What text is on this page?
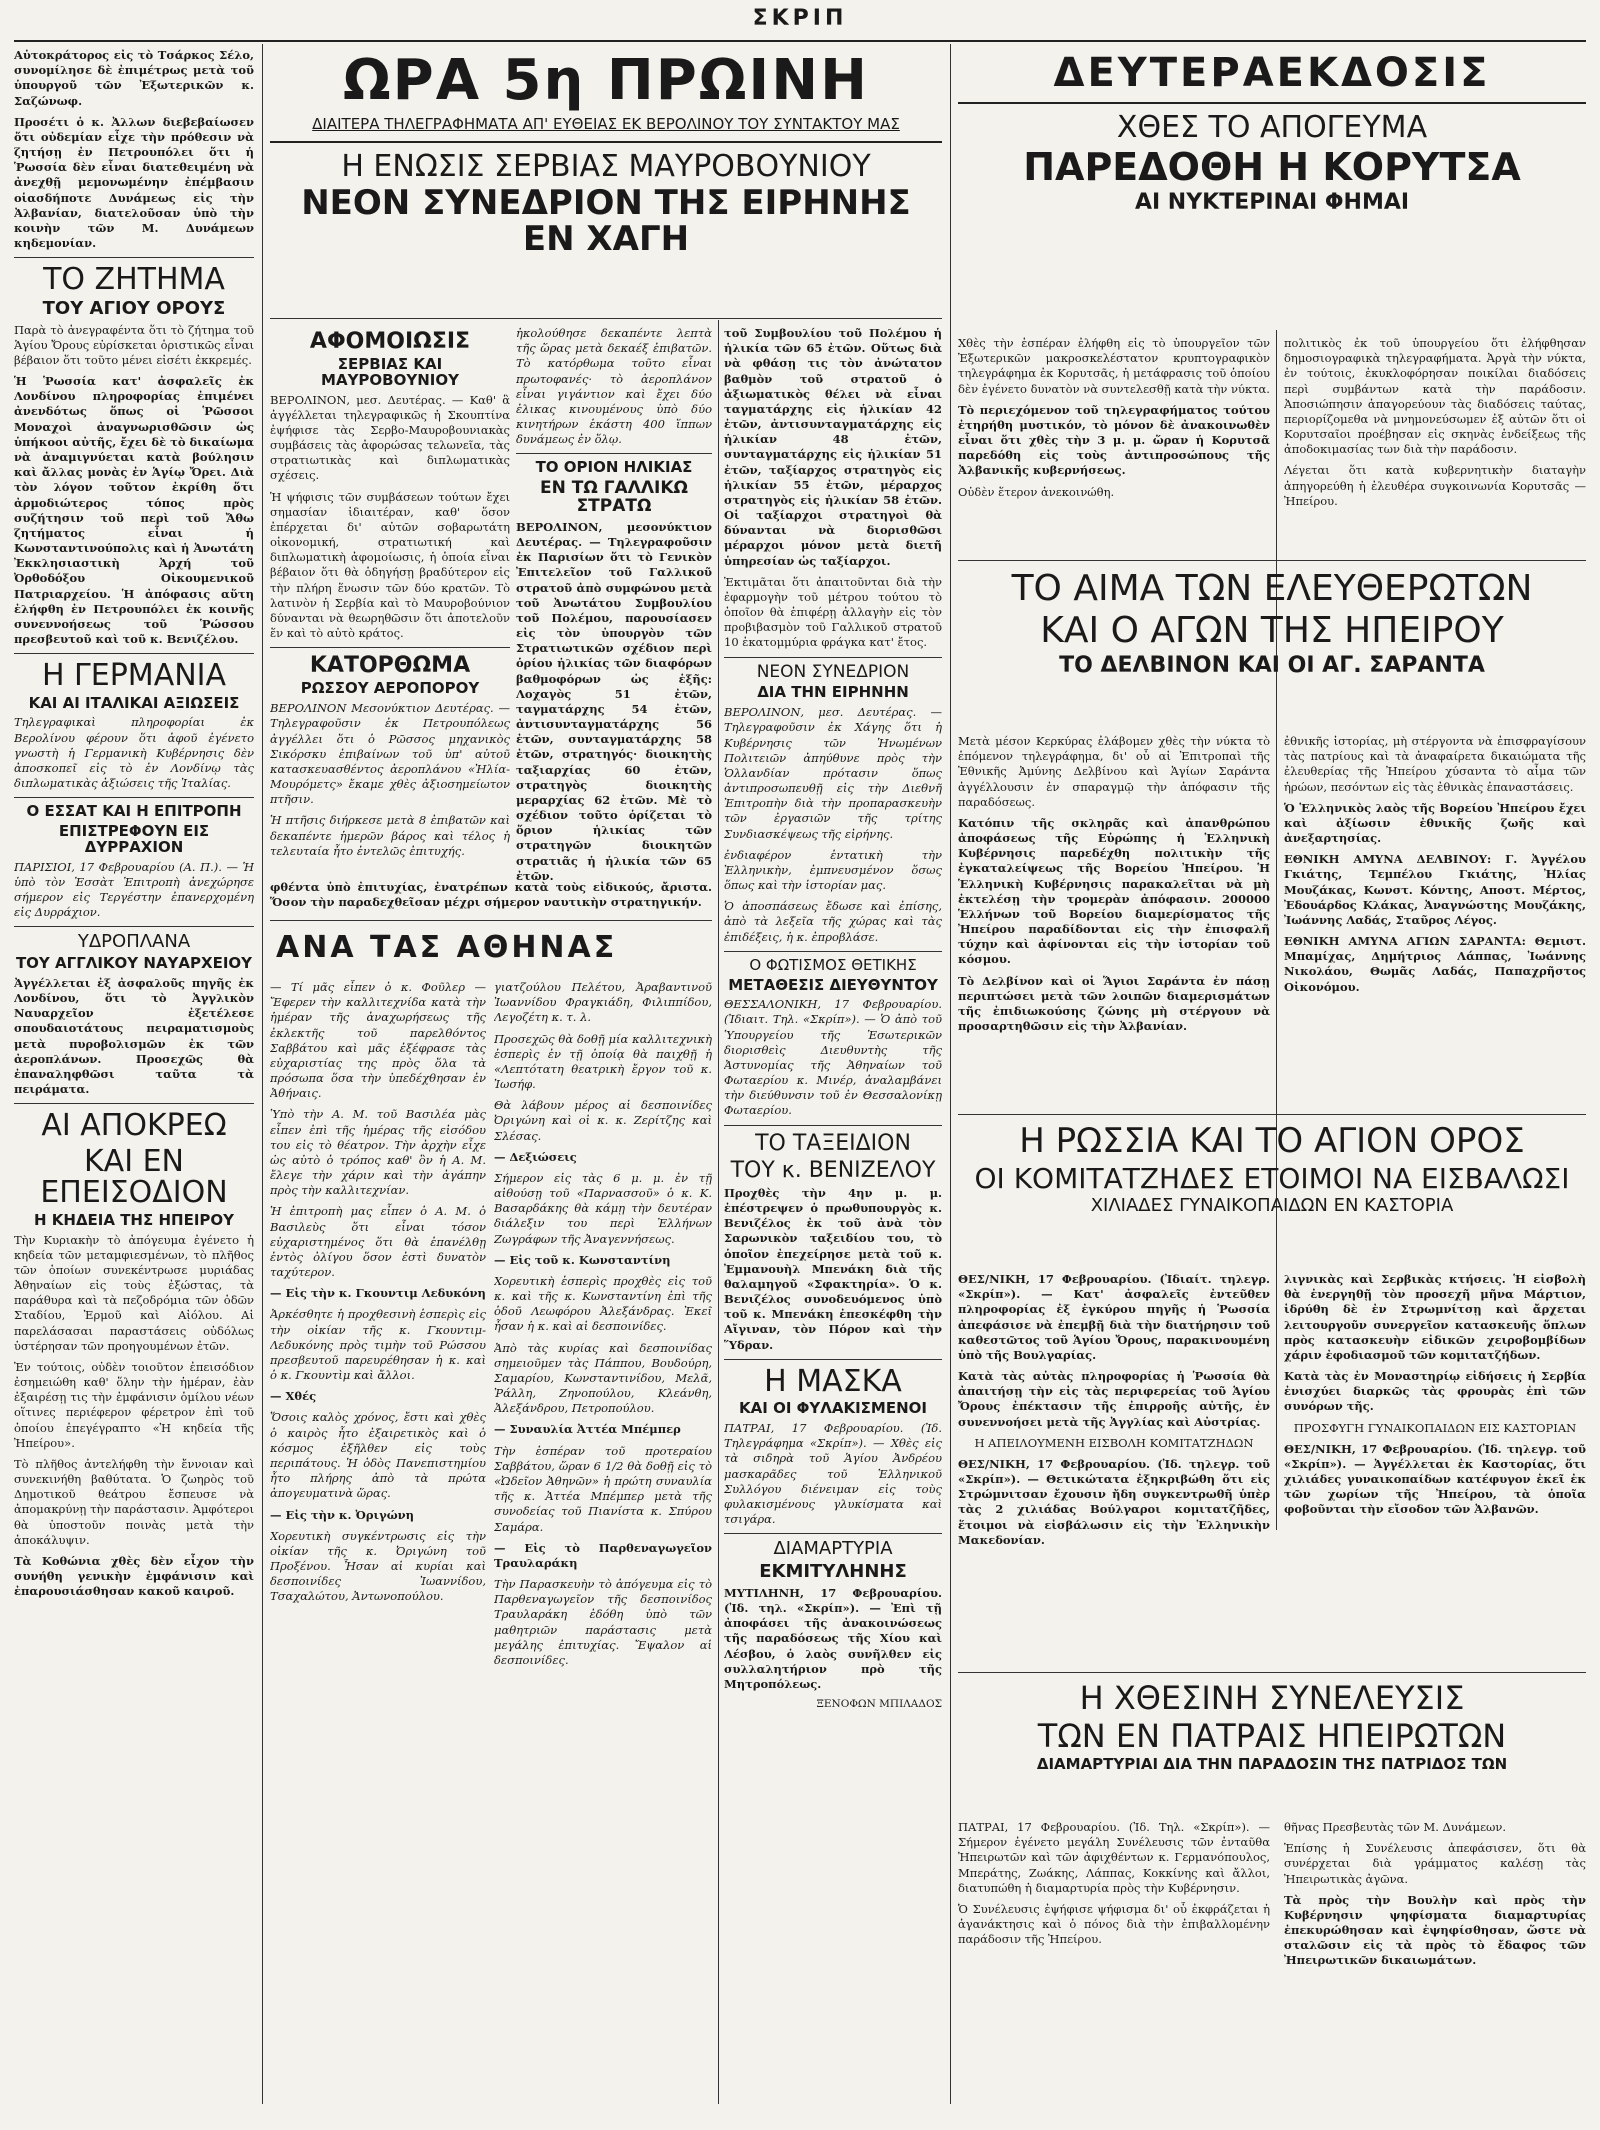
ΣΚΡΙΠ

Αὐτοκράτορος εἰς τὸ Τσάρκος Σέλο, συνομίλησε δὲ ἐπιμέτρως μετὰ τοῦ ὑπουργοῦ τῶν Ἐξωτερικῶν κ. Σαζώνωφ.

Προσέτι ὁ κ. Ἀλλων διεβεβαίωσεν ὅτι οὐδεμίαν εἶχε τὴν πρόθεσιν νὰ ζητήσῃ ἐν Πετρουπόλει ὅτι ἡ Ῥωσσία δὲν εἶναι διατεθειμένη νὰ ἀνεχθῇ μεμονωμένην ἐπέμβασιν οἱασδήποτε Δυνάμεως εἰς τὴν Ἀλβανίαν, διατελοῦσαν ὑπὸ τὴν κοινὴν τῶν Μ. Δυνάμεων κηδεμονίαν.

ΤΟ ΖΗΤΗΜΑ
ΤΟΥ ΑΓΙΟΥ ΟΡΟΥΣ

Παρὰ τὸ ἀνεγραφέντα ὅτι τὸ ζήτημα τοῦ Ἁγίου Ὄρους εὑρίσκεται ὁριστικῶς εἶναι βέβαιον ὅτι τοῦτο μένει εἰσέτι ἐκκρεμές.

Ἡ Ῥωσσία κατ' ἀσφαλεῖς ἐκ Λονδίνου πληροφορίας ἐπιμένει ἀνενδότως ὅπως οἱ Ῥῶσσοι Μοναχοὶ ἀναγνωρισθῶσιν ὡς ὑπήκοοι αὐτῆς, ἔχει δὲ τὸ δικαίωμα νὰ ἀναμιγνύεται κατὰ βούλησιν καὶ ἄλλας μονὰς ἐν Ἁγίῳ Ὄρει. Διὰ τὸν λόγον τοῦτον ἐκρίθη ὅτι ἀρμοδιώτερος τόπος πρὸς συζήτησιν τοῦ περὶ τοῦ Ἄθω ζητήματος εἶναι ἡ Κωνσταντινούπολις καὶ ἡ Ἀνωτάτη Ἐκκλησιαστικὴ Ἀρχή τοῦ Ὀρθοδόξου Οἰκουμενικοῦ Πατριαρχείου. Ἡ ἀπόφασις αὕτη ἐλήφθη ἐν Πετρουπόλει ἐκ κοινῆς συνεννοήσεως τοῦ Ῥώσσου πρεσβευτοῦ καὶ τοῦ κ. Βενιζέλου.

Η ΓΕΡΜΑΝΙΑ
ΚΑΙ ΑΙ ΙΤΑΛΙΚΑΙ ΑΞΙΩΣΕΙΣ

Τηλεγραφικαὶ πληροφορίαι ἐκ Βερολίνου φέρουν ὅτι ἀφοῦ ἐγένετο γνωστὴ ἡ Γερμανικὴ Κυβέρνησις δὲν ἀποσκοπεῖ εἰς τὸ ἐν Λονδίνῳ τὰς διπλωματικὰς ἀξιώσεις τῆς Ἰταλίας.

Ο ΕΣΣΑΤ ΚΑΙ Η ΕΠΙΤΡΟΠΗ
ΕΠΙΣΤΡΕΦΟΥΝ ΕΙΣ ΔΥΡΡΑΧΙΟΝ

ΠΑΡΙΣΙΟΙ, 17 Φεβρουαρίου (Α. Π.). — Ἡ ὑπὸ τὸν Ἐσσὰτ Ἐπιτροπὴ ἀνεχώρησε σήμερον εἰς Τεργέστην ἐπανερχομένη εἰς Δυρράχιον.

ΥΔΡΟΠΛΑΝΑ
ΤΟΥ ΑΓΓΛΙΚΟΥ ΝΑΥΑΡΧΕΙΟΥ

Ἀγγέλλεται ἐξ ἀσφαλοῦς πηγῆς ἐκ Λονδίνου, ὅτι τὸ Ἀγγλικὸν Ναυαρχεῖον ἐξετέλεσε σπουδαιοτάτους πειραματισμοὺς μετὰ πυροβολισμῶν ἐκ τῶν ἀεροπλάνων. Προσεχῶς θὰ ἐπαναληφθῶσι ταῦτα τὰ πειράματα.

ΑΙ ΑΠΟΚΡΕΩ
ΚΑΙ ΕΝ ΕΠΕΙΣΟΔΙΟΝ
Η ΚΗΔΕΙΑ ΤΗΣ ΗΠΕΙΡΟΥ

Τὴν Κυριακὴν τὸ ἀπόγευμα ἐγένετο ἡ κηδεία τῶν μεταμφιεσμένων, τὸ πλῆθος τῶν ὁποίων συνεκέντρωσε μυριάδας Ἀθηναίων εἰς τοὺς ἐξώστας, τὰ παράθυρα καὶ τὰ πεζοδρόμια τῶν ὁδῶν Σταδίου, Ἑρμοῦ καὶ Αἰόλου. Αἱ παρελάσασαι παραστάσεις οὐδόλως ὑστέρησαν τῶν προηγουμένων ἐτῶν.

Ἐν τούτοις, οὐδὲν τοιοῦτον ἐπεισόδιον ἐσημειώθη καθ' ὅλην τὴν ἡμέραν, ἐὰν ἐξαιρέσῃ τις τὴν ἐμφάνισιν ὁμίλου νέων οἵτινες περιέφερον φέρετρον ἐπὶ τοῦ ὁποίου ἐπεγέγραπτο «Ἡ κηδεία τῆς Ἠπείρου».

Τὸ πλῆθος ἀντελήφθη τὴν ἔννοιαν καὶ συνεκινήθη βαθύτατα. Ὁ ζωηρὸς τοῦ Δημοτικοῦ θεάτρου ἔσπευσε νὰ ἀπομακρύνῃ τὴν παράστασιν. Ἀμφότεροι θὰ ὑποστοῦν ποινὰς μετὰ τὴν ἀποκάλυψιν.

Τὰ Κοθώνια χθὲς δὲν εἶχον τὴν συνήθη γενικὴν ἐμφάνισιν καὶ ἐπαρουσιάσθησαν κακοῦ καιροῦ.

ΩΡΑ 5η ΠΡΩΙΝΗ
ΔΙΑΙΤΕΡΑ ΤΗΛΕΓΡΑΦΗΜΑΤΑ ΑΠ' ΕΥΘΕΙΑΣ ΕΚ ΒΕΡΟΛΙΝΟΥ ΤΟΥ ΣΥΝΤΑΚΤΟΥ ΜΑΣ
Η ΕΝΩΣΙΣ ΣΕΡΒΙΑΣ ΜΑΥΡΟΒΟΥΝΙΟΥ
ΝΕΟΝ ΣΥΝΕΔΡΙΟΝ ΤΗΣ ΕΙΡΗΝΗΣ ΕΝ ΧΑΓΗ
ΑΦΟΜΟΙΩΣΙΣ
ΣΕΡΒΙΑΣ ΚΑΙ ΜΑΥΡΟΒΟΥΝΙΟΥ

ΒΕΡΟΛΙΝΟΝ, μεσ. Δευτέρας. — Καθ' ἃ ἀγγέλλεται τηλεγραφικῶς ἡ Σκουπτίνα ἐψήφισε τὰς Σερβο-Μαυροβουνιακὰς συμβάσεις τὰς ἀφορώσας τελωνεῖα, τὰς στρατιωτικὰς καὶ διπλωματικὰς σχέσεις.

Ἡ ψήφισις τῶν συμβάσεων τούτων ἔχει σημασίαν ἰδιαιτέραν, καθ' ὅσον ἐπέρχεται δι' αὐτῶν σοβαρωτάτη οἰκονομική, στρατιωτική καὶ διπλωματικὴ ἀφομοίωσις, ἡ ὁποία εἶναι βέβαιον ὅτι θὰ ὁδηγήσῃ βραδύτερον εἰς τὴν πλήρη ἕνωσιν τῶν δύο κρατῶν. Τὸ λατινὸν ἡ Σερβία καὶ τὸ Μαυροβούνιον δύνανται νὰ θεωρηθῶσιν ὅτι ἀποτελοῦν ἕν καὶ τὸ αὐτὸ κράτος.

ΚΑΤΟΡΘΩΜΑ
ΡΩΣΣΟΥ ΑΕΡΟΠΟΡΟΥ

ΒΕΡΟΛΙΝΟΝ Μεσονύκτιον Δευτέρας. — Τηλεγραφοῦσιν ἐκ Πετρουπόλεως ἀγγέλλει ὅτι ὁ Ρῶσσος μηχανικὸς Σικόρσκυ ἐπιβαίνων τοῦ ὑπ' αὐτοῦ κατασκευασθέντος ἀεροπλάνου «Ἠλία-Μουρόμετς» ἔκαμε χθὲς ἀξιοσημείωτον πτῆσιν.

Ἡ πτῆσις διήρκεσε μετὰ 8 ἐπιβατῶν καὶ δεκαπέντε ἡμερῶν βάρος καὶ τέλος ἡ τελευταία ἦτο ἐντελῶς ἐπιτυχής.

ἠκολούθησε δεκαπέντε λεπτὰ τῆς ὥρας μετὰ δεκαέξ ἐπιβατῶν. Τὸ κατόρθωμα τοῦτο εἶναι πρωτοφανές· τὸ ἀεροπλάνον εἶναι γιγάντιον καὶ ἔχει δύο ἐλικας κινουμένους ὑπὸ δύο κινητήρων ἑκάστη 400 ἵππων δυνάμεως ἐν ὅλῳ.

ΤΟ ΟΡΙΟΝ ΗΛΙΚΙΑΣ
ΕΝ ΤΩ ΓΑΛΛΙΚΩ ΣΤΡΑΤΩ

ΒΕΡΟΛΙΝΟΝ, μεσονύκτιον Δευτέρας. — Τηλεγραφοῦσιν ἐκ Παρισίων ὅτι τὸ Γενικὸν Ἐπιτελεῖον τοῦ Γαλλικοῦ στρατοῦ ἀπὸ συμφώνου μετὰ τοῦ Ἀνωτάτου Συμβουλίου τοῦ Πολέμου, παρουσίασεν εἰς τὸν ὑπουργὸν τῶν Στρατιωτικῶν σχέδιον περὶ ὁρίου ἡλικίας τῶν διαφόρων βαθμοφόρων ὡς ἑξῆς: Λοχαγὸς 51 ἐτῶν, ταγματάρχης 54 ἐτῶν, ἀντισυνταγματάρχης 56 ἐτῶν, συνταγματάρχης 58 ἐτῶν, στρατηγός· διοικητὴς ταξιαρχίας 60 ἐτῶν, στρατηγὸς διοικητὴς μεραρχίας 62 ἐτῶν. Μὲ τὸ σχέδιον τοῦτο ὁρίζεται τὸ ὅριον ἡλικίας τῶν στρατηγῶν διοικητῶν στρατιᾶς ἡ ἡλικία τῶν 65 ἐτῶν.

φθέντα ὑπὸ ἐπιτυχίας, ἐνατρέπων κατὰ τοὺς εἰδικούς, ἄριστα. Ὅσον τὴν παραδεχθεῖσαν μέχρι σήμερον ναυτικὴν στρατηγικήν.

ΑΝΑ ΤΑΣ ΑΘΗΝΑΣ

— Τί μᾶς εἶπεν ὁ κ. Φοῦλερ — Ἔφερεν τὴν καλλιτεχνίδα κατὰ τὴν ἡμέραν τῆς ἀναχωρήσεως τῆς ἐκλεκτῆς τοῦ παρελθόντος Σαββάτου καὶ μᾶς ἐξέφρασε τὰς εὐχαριστίας της πρὸς ὅλα τὰ πρόσωπα ὅσα τὴν ὑπεδέχθησαν ἐν Ἀθήναις.

Ὑπὸ τὴν Α. Μ. τοῦ Βασιλέα μὰς εἶπεν ἐπὶ τῆς ἡμέρας τῆς εἰσόδου του εἰς τὸ θέατρον. Τὴν ἀρχὴν εἶχε ὡς αὐτὸ ὁ τρόπος καθ' ὃν ἡ Α. Μ. ἔλεγε τὴν χάριν καὶ τὴν ἀγάπην πρὸς τὴν καλλιτεχνίαν.

Ἡ ἐπιτροπὴ μας εἶπεν ὁ Α. Μ. ὁ Βασιλεὺς ὅτι εἶναι τόσον εὐχαριστημένος ὅτι θὰ ἐπανέλθῃ ἐντὸς ὀλίγου ὅσον ἐστὶ δυνατὸν ταχύτερον.

— Εἰς τὴν κ. Γκουντιμ Λεδυκόνη

Ἀρκέσθητε ἡ προχθεσινὴ ἑσπερὶς εἰς τὴν οἰκίαν τῆς κ. Γκουντιμ-Λεδυκόνης πρὸς τιμὴν τοῦ Ρώσσου πρεσβευτοῦ παρευρέθησαν ἡ κ. καὶ ὁ κ. Γκουντὶμ καὶ ἄλλοι.

— Χθές

Ὅσοις καλὸς χρόνος, ἔστι καὶ χθὲς ὁ καιρὸς ἦτο ἐξαιρετικὸς καὶ ὁ κόσμος ἐξῆλθεν εἰς τοὺς περιπάτους. Ἡ ὁδὸς Πανεπιστημίου ἦτο πλήρης ἀπὸ τὰ πρώτα ἀπογευματινὰ ὥρας.

— Εἰς τὴν κ. Ὀριγώνη

Χορευτικὴ συγκέντρωσις εἰς τὴν οἰκίαν τῆς κ. Ὀριγώνη τοῦ Προξένου. Ἦσαν αἱ κυρίαι καὶ δεσποινίδες Ἰωαννίδου, Τσαχαλώτου, Ἀντωνοπούλου.

γιατζούλου Πελέτου, Ἀραβαντινοῦ Ἰωαννίδου Φραγκιάδη, Φιλιππίδου, Λεγοζέτη κ. τ. λ.

Προσεχῶς θὰ δοθῇ μία καλλιτεχνικὴ ἑσπερὶς ἐν τῇ ὁποίᾳ θὰ παιχθῇ ἡ «Λεπτότατη θεατρικὴ ἔργον τοῦ κ. Ἰωσήφ.

Θὰ λάβουν μέρος αἱ δεσποινίδες Ὀριγώνη καὶ οἱ κ. κ. Ζερίτζης καὶ Σλέσας.

— Δεξιώσεις

Σήμερον εἰς τὰς 6 μ. μ. ἐν τῇ αἰθούσῃ τοῦ «Παρνασσοῦ» ὁ κ. Κ. Βασαρδάκης θὰ κάμῃ τὴν δευτέραν διάλεξιν του περὶ Ἐλλήνων Ζωγράφων τῆς Ἀναγεννήσεως.

— Εἰς τοῦ κ. Κωνσταντίνη

Χορευτικὴ ἑσπερὶς προχθὲς εἰς τοῦ κ. καὶ τῆς κ. Κωνσταντίνη ἐπὶ τῆς ὁδοῦ Λεωφόρου Ἀλεξάνδρας. Ἐκεῖ ἦσαν ἡ κ. καὶ αἱ δεσποινίδες.

Ἀπὸ τὰς κυρίας καὶ δεσποινίδας σημειοῦμεν τὰς Πάππου, Βουδούρη, Σαμαρίου, Κωνσταντινίδου, Μελᾶ, Ῥάλλη, Ζηνοπούλου, Κλεάνθη, Ἀλεξάνδρου, Πετροπούλου.

— Συναυλία Ἀττέα Μπέμπερ

Τὴν ἑσπέραν τοῦ προτεραίου Σαββάτου, ὥραν 6 1/2 θὰ δοθῇ εἰς τὸ «Ὠδεῖον Ἀθηνῶν» ἡ πρώτη συναυλία τῆς κ. Ἀττέα Μπέμπερ μετὰ τῆς συνοδείας τοῦ Πιανίστα κ. Σπύρου Σαμάρα.

— Εἰς τὸ Παρθεναγωγεῖον Τραυλαράκη

Τὴν Παρασκευὴν τὸ ἀπόγευμα εἰς τὸ Παρθεναγωγεῖον τῆς δεσποινίδος Τραυλαράκη ἐδόθη ὑπὸ τῶν μαθητριῶν παράστασις μετὰ μεγάλης ἐπιτυχίας. Ἔψαλον αἱ δεσποινίδες.

τοῦ Συμβουλίου τοῦ Πολέμου ἡ ἡλικία τῶν 65 ἐτῶν. Οὕτως διὰ νὰ φθάσῃ τις τὸν ἀνώτατον βαθμὸν τοῦ στρατοῦ ὁ ἀξιωματικὸς θέλει νὰ εἶναι ταγματάρχης εἰς ἡλικίαν 42 ἐτῶν, ἀντισυνταγματάρχης εἰς ἡλικίαν 48 ἐτῶν, συνταγματάρχης εἰς ἡλικίαν 51 ἐτῶν, ταξίαρχος στρατηγὸς εἰς ἡλικίαν 55 ἐτῶν, μέραρχος στρατηγὸς εἰς ἡλικίαν 58 ἐτῶν. Οἱ ταξίαρχοι στρατηγοὶ θὰ δύνανται νὰ διορισθῶσι μέραρχοι μόνον μετὰ διετῆ ὑπηρεσίαν ὡς ταξίαρχοι.

Ἐκτιμᾶται ὅτι ἀπαιτοῦνται διὰ τὴν ἐφαρμογὴν τοῦ μέτρου τούτου τὸ ὁποῖον θὰ ἐπιφέρῃ ἀλλαγὴν εἰς τὸν προβιβασμὸν τοῦ Γαλλικοῦ στρατοῦ 10 ἑκατομμύρια φράγκα κατ' ἔτος.

ΝΕΟΝ ΣΥΝΕΔΡΙΟΝ
ΔΙΑ ΤΗΝ ΕΙΡΗΝΗΝ

ΒΕΡΟΛΙΝΟΝ, μεσ. Δευτέρας. — Τηλεγραφοῦσιν ἐκ Χάγης ὅτι ἡ Κυβέρνησις τῶν Ἡνωμένων Πολιτειῶν ἀπηύθυνε πρὸς τὴν Ὁλλανδίαν πρότασιν ὅπως ἀντιπροσωπευθῇ εἰς τὴν Διεθνῆ Ἐπιτροπὴν διὰ τὴν προπαρασκευὴν τῶν ἐργασιῶν τῆς τρίτης Συνδιασκέψεως τῆς εἰρήνης.

ἐνδιαφέρον ἐντατικὴ τὴν Ἑλληνικὴν, ἐμπνευσμένον ὅσως ὅπως καὶ τὴν ἱστορίαν μας.

Ὁ ἀποσπάσεως ἔδωσε καὶ ἐπίσης, ἀπὸ τὰ λεξεῖα τῆς χώρας καὶ τὰς ἐπιδέξεις, ἡ κ. ἐπροβλάσε.

Ο ΦΩΤΙΣΜΟΣ ΘΕΤΙΚΗΣ
ΜΕΤΑΘΕΣΙΣ ΔΙΕΥΘΥΝΤΟΥ

ΘΕΣΣΑΛΟΝΙΚΗ, 17 Φεβρουαρίου. (Ἰδιαιτ. Τηλ. «Σκρίπ»). — Ὁ ἀπὸ τοῦ Ὑπουργείου τῆς Ἐσωτερικῶν διορισθεὶς Διευθυντὴς τῆς Ἀστυνομίας τῆς Ἀθηναίων τοῦ Φωταερίου κ. Μινέρ, ἀναλαμβάνει τὴν διεύθυνσιν τοῦ ἐν Θεσσαλονίκῃ Φωταερίου.

ΤΟ ΤΑΞΕΙΔΙΟΝ
ΤΟΥ κ. ΒΕΝΙΖΕΛΟΥ

Προχθὲς τὴν 4ην μ. μ. ἐπέστρεψεν ὁ πρωθυπουργὸς κ. Βενιζέλος ἐκ τοῦ ἀνὰ τὸν Σαρωνικὸν ταξειδίου του, τὸ ὁποῖον ἐπεχείρησε μετὰ τοῦ κ. Ἐμμανουὴλ Μπενάκη διὰ τῆς θαλαμηγοῦ «Σφακτηρία». Ὁ κ. Βενιζέλος συνοδευόμενος ὑπὸ τοῦ κ. Μπενάκη ἐπεσκέφθη τὴν Αἴγιναν, τὸν Πόρον καὶ τὴν Ὕδραν.

Η ΜΑΣΚΑ
ΚΑΙ ΟΙ ΦΥΛΑΚΙΣΜΕΝΟΙ

ΠΑΤΡΑΙ, 17 Φεβρουαρίου. (Ἰδ. Τηλεγράφημα «Σκρίπ»). — Χθὲς εἰς τὰ σιδηρὰ τοῦ Ἁγίου Ἀνδρέου μασκαρᾶδες τοῦ Ἑλληνικοῦ Συλλόγου διένειμαν εἰς τοὺς φυλακισμένους γλυκίσματα καὶ τσιγάρα.

ΔΙΑΜΑΡΤΥΡΙΑ
ΕΚΜΙΤΥΛΗΝΗΣ

ΜΥΤΙΛΗΝΗ, 17 Φεβρουαρίου. (Ἰδ. τηλ. «Σκρίπ»). — Ἐπὶ τῇ ἀποφάσει τῆς ἀνακοινώσεως τῆς παραδόσεως τῆς Χίου καὶ Λέσβου, ὁ λαὸς συνῆλθεν εἰς συλλαλητήριον πρὸ τῆς Μητροπόλεως.

ΞΕΝΟΦΩΝ ΜΠΙΛΑΔΟΣ

ΔΕΥΤΕΡΑΕΚΔΟΣΙΣ
ΧΘΕΣ ΤΟ ΑΠΟΓΕΥΜΑ
ΠΑΡΕΔΟΘΗ Η ΚΟΡΥΤΣΑ
ΑΙ ΝΥΚΤΕΡΙΝΑΙ ΦΗΜΑΙ

Χθὲς τὴν ἑσπέραν ἐλήφθη εἰς τὸ ὑπουργεῖον τῶν Ἐξωτερικῶν μακροσκελέστατον κρυπτογραφικὸν τηλεγράφημα ἐκ Κορυτσᾶς, ἡ μετάφρασις τοῦ ὁποίου δὲν ἐγένετο δυνατὸν νὰ συντελεσθῇ κατὰ τὴν νύκτα.

Τὸ περιεχόμενον τοῦ τηλεγραφήματος τούτου ἐτηρήθη μυστικόν, τὸ μόνον δὲ ἀνακοινωθὲν εἶναι ὅτι χθὲς τὴν 3 μ. μ. ὥραν ἡ Κορυτσᾶ παρεδόθη εἰς τοὺς ἀντιπροσώπους τῆς Ἀλβανικῆς κυβερνήσεως.

Οὐδὲν ἕτερον ἀνεκοινώθη.

πολιτικὸς ἐκ τοῦ ὑπουργείου ὅτι ἐλήφθησαν δημοσιογραφικὰ τηλεγραφήματα. Ἀργὰ τὴν νύκτα, ἐν τούτοις, ἐκυκλοφόρησαν ποικίλαι διαδόσεις περὶ συμβάντων κατὰ τὴν παράδοσιν. Ἀποσιώπησιν ἀπαγορεύουν τὰς διαδόσεις ταύτας, περιορίζομεθα νὰ μνημονεύσωμεν ἐξ αὐτῶν ὅτι οἱ Κορυτσαῖοι προέβησαν εἰς σκηνὰς ἐνδείξεως τῆς ἀποδοκιμασίας των διὰ τὴν παράδοσιν.

Λέγεται ὅτι κατὰ κυβερνητικὴν διαταγὴν ἀπηγορεύθη ἡ ἐλευθέρα συγκοινωνία Κορυτσᾶς — Ἠπείρου.

ΤΟ ΑΙΜΑ ΤΩΝ ΕΛΕΥΘΕΡΩΤΩΝ
ΚΑΙ Ο ΑΓΩΝ ΤΗΣ ΗΠΕΙΡΟΥ
ΤΟ ΔΕΛΒΙΝΟΝ ΚΑΙ ΟΙ ΑΓ. ΣΑΡΑΝΤΑ

Μετὰ μέσον Κερκύρας ἐλάβομεν χθὲς τὴν νύκτα τὸ ἑπόμενον τηλεγράφημα, δι' οὗ αἱ Ἐπιτροπαὶ τῆς Ἐθνικῆς Ἀμύνης Δελβίνου καὶ Ἁγίων Σαράντα ἀγγέλλουσιν ἐν σπαραγμῷ τὴν ἀπόφασιν τῆς παραδόσεως.

Κατόπιν τῆς σκληρᾶς καὶ ἀπανθρώπου ἀποφάσεως τῆς Εὐρώπης ἡ Ἑλληνικὴ Κυβέρνησις παρεδέχθη πολιτικὴν τῆς ἐγκαταλείψεως τῆς Βορείου Ἠπείρου. Ἡ Ἑλληνικὴ Κυβέρνησις παρακαλεῖται νὰ μὴ ἐκτελέσῃ τὴν τρομερὰν ἀπόφασιν. 200000 Ἑλλήνων τοῦ Βορείου διαμερίσματος τῆς Ἠπείρου παραδίδονται εἰς τὴν ἐπισφαλῆ τύχην καὶ ἀφίνονται εἰς τὴν ἱστορίαν τοῦ κόσμου.

Τὸ Δελβίνον καὶ οἱ Ἅγιοι Σαράντα ἐν πάσῃ περιπτώσει μετὰ τῶν λοιπῶν διαμερισμάτων τῆς ἐπιδιωκούσης ζώνης μὴ στέργουν νὰ προσαρτηθῶσιν εἰς τὴν Ἀλβανίαν.

ἐθνικῆς ἱστορίας, μὴ στέργοντα νὰ ἐπισφραγίσουν τὰς πατρίους καὶ τὰ ἀναφαίρετα δικαιώματα τῆς ἐλευθερίας τῆς Ἠπείρου χύσαντα τὸ αἷμα τῶν ἡρώων, πεσόντων εἰς τὰς ἐθνικὰς ἐπαναστάσεις.

Ὁ Ἑλληνικὸς λαὸς τῆς Βορείου Ἠπείρου ἔχει καὶ ἀξίωσιν ἐθνικῆς ζωῆς καὶ ἀνεξαρτησίας.

ΕΘΝΙΚΗ ΑΜΥΝΑ ΔΕΛΒΙΝΟΥ: Γ. Ἀγγέλου Γκιάτης, Τεμπέλου Γκιάτης, Ἠλίας Μουζάκας, Κωνστ. Κόντης, Αποστ. Μέρτος, Ἐδουάρδος Κλάκας, Ἀναγνώστης Μουζάκης, Ἰωάννης Λαδάς, Σταῦρος Λέγος.

ΕΘΝΙΚΗ ΑΜΥΝΑ ΑΓΙΩΝ ΣΑΡΑΝΤΑ: Θεμιστ. Μπαμίχας, Δημήτριος Λάππας, Ἰωάννης Νικολάου, Θωμᾶς Λαδάς, Παπαχρῆστος Οἰκονόμου.

Η ΡΩΣΣΙΑ ΚΑΙ ΤΟ ΑΓΙΟΝ ΟΡΟΣ
ΟΙ ΚΟΜΙΤΑΤΖΗΔΕΣ ΕΤΟΙΜΟΙ ΝΑ ΕΙΣΒΑΛΩΣΙ
ΧΙΛΙΑΔΕΣ ΓΥΝΑΙΚΟΠΑΙΔΩΝ ΕΝ ΚΑΣΤΟΡΙΑ

ΘΕΣ/ΝΙΚΗ, 17 Φεβρουαρίου. (Ἰδιαίτ. τηλεγρ. «Σκρίπ»). — Κατ' ἀσφαλεῖς ἐντεῦθεν πληροφορίας ἐξ ἐγκύρου πηγῆς ἡ Ῥωσσία ἀπεφάσισε νὰ ἐπεμβῇ διὰ τὴν διατήρησιν τοῦ καθεστῶτος τοῦ Ἁγίου Ὄρους, παρακινουμένη ὑπὸ τῆς Βουλγαρίας.

Κατὰ τὰς αὐτὰς πληροφορίας ἡ Ῥωσσία θὰ ἀπαιτήσῃ τὴν εἰς τὰς περιφερείας τοῦ Ἁγίου Ὄρους ἐπέκτασιν τῆς ἐπιρροῆς αὐτῆς, ἐν συνεννοήσει μετὰ τῆς Ἀγγλίας καὶ Αὐστρίας.

Η ΑΠΕΙΛΟΥΜΕΝΗ ΕΙΣΒΟΛΗ ΚΟΜΙΤΑΤΖΗΔΩΝ

ΘΕΣ/ΝΙΚΗ, 17 Φεβρουαρίου. (Ἰδ. τηλεγρ. τοῦ «Σκρίπ»). — Θετικώτατα ἐξηκριβώθη ὅτι εἰς Στρώμνιτσαν ἔχουσιν ἤδη συγκεντρωθῆ ὑπὲρ τὰς 2 χιλιάδας Βούλγαροι κομιτατζῆδες, ἕτοιμοι νὰ εἰσβάλωσιν εἰς τὴν Ἑλληνικὴν Μακεδονίαν.

λιγνικὰς καὶ Σερβικὰς κτήσεις. Ἡ εἰσβολὴ θὰ ἐνεργηθῇ τὸν προσεχῆ μῆνα Μάρτιον, ἱδρύθη δὲ ἐν Στρωμνίτσῃ καὶ ἄρχεται λειτουργοῦν συνεργεῖον κατασκευῆς ὅπλων πρὸς κατασκευὴν εἰδικῶν χειροβομβίδων χάριν ἐφοδιασμοῦ τῶν κομιτατζήδων.

Κατὰ τὰς ἐν Μοναστηρίῳ εἰδήσεις ἡ Σερβία ἐνισχύει διαρκῶς τὰς φρουρὰς ἐπὶ τῶν συνόρων τῆς.

ΠΡΟΣΦΥΓΗ ΓΥΝΑΙΚΟΠΑΙΔΩΝ ΕΙΣ ΚΑΣΤΟΡΙΑΝ

ΘΕΣ/ΝΙΚΗ, 17 Φεβρουαρίου. (Ἰδ. τηλεγρ. τοῦ «Σκρίπ»). — Ἀγγέλλεται ἐκ Καστορίας, ὅτι χιλιάδες γυναικοπαίδων κατέφυγον ἐκεῖ ἐκ τῶν χωρίων τῆς Ἠπείρου, τὰ ὁποῖα φοβοῦνται τὴν εἴσοδον τῶν Ἀλβανῶν.

Η ΧΘΕΣΙΝΗ ΣΥΝΕΛΕΥΣΙΣ
ΤΩΝ ΕΝ ΠΑΤΡΑΙΣ ΗΠΕΙΡΩΤΩΝ
ΔΙΑΜΑΡΤΥΡΙΑΙ ΔΙΑ ΤΗΝ ΠΑΡΑΔΟΣΙΝ ΤΗΣ ΠΑΤΡΙΔΟΣ ΤΩΝ

ΠΑΤΡΑΙ, 17 Φεβρουαρίου. (Ἰδ. Τηλ. «Σκρίπ»). — Σήμερον ἐγένετο μεγάλη Συνέλευσις τῶν ἐνταῦθα Ἠπειρωτῶν καὶ τῶν ἀφιχθέντων κ. Γερμανόπουλος, Μπεράτης, Ζωάκης, Λάππας, Κοκκίνης καὶ ἄλλοι, διατυπώθη ἡ διαμαρτυρία πρὸς τὴν Κυβέρνησιν.

Ὁ Συνέλευσις ἐψήφισε ψήφισμα δι' οὗ ἐκφράζεται ἡ ἀγανάκτησις καὶ ὁ πόνος διὰ τὴν ἐπιβαλλομένην παράδοσιν τῆς Ἠπείρου.

θῆνας Πρεσβευτὰς τῶν Μ. Δυνάμεων.

Ἐπίσης ἡ Συνέλευσις ἀπεφάσισεν, ὅτι θὰ συνέρχεται διὰ γράμματος καλέσῃ τὰς Ἠπειρωτικὰς ἀγῶνα.

Τὰ πρὸς τὴν Βουλὴν καὶ πρὸς τὴν Κυβέρνησιν ψηφίσματα διαμαρτυρίας ἐπεκυρώθησαν καὶ ἐψηφίσθησαν, ὥστε νὰ σταλῶσιν εἰς τὰ πρὸς τὸ ἔδαφος τῶν Ἠπειρωτικῶν δικαιωμάτων.
